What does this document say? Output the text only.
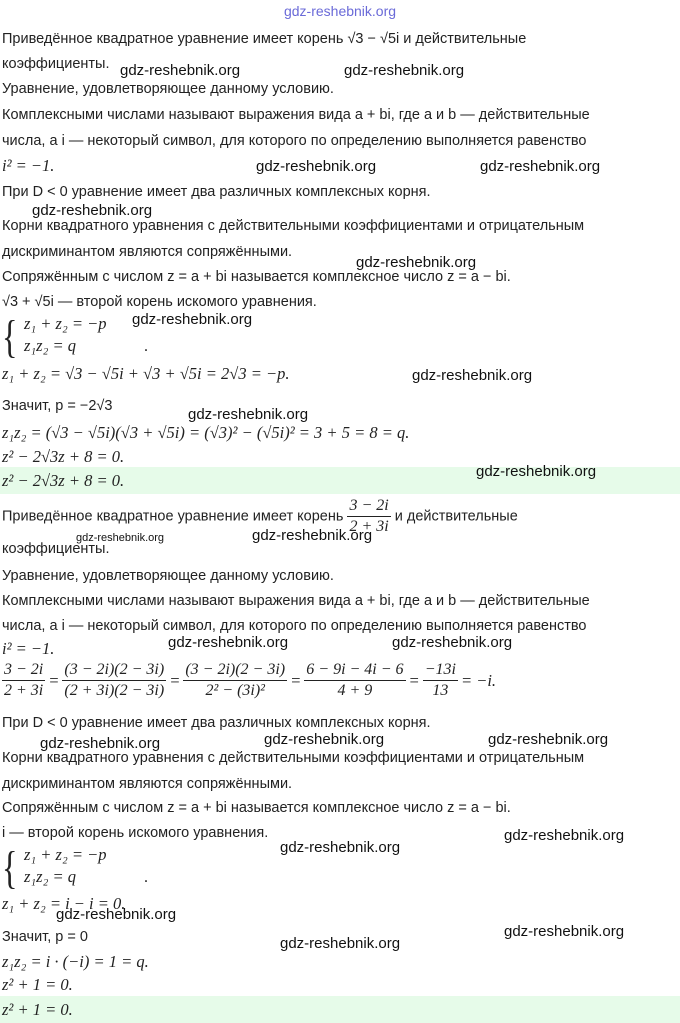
gdz-reshebnik.org
Приведённое квадратное уравнение имеет корень √3 − √5i и действительные
коэффициенты.
Уравнение, удовлетворяющее данному условию.
Комплексными числами называют выражения вида a + bi, где a и b — действительные
числа, а i — некоторый символ, для которого по определению выполняется равенство
i² = −1.
При D < 0 уравнение имеет два различных комплексных корня.
Корни квадратного уравнения с действительными коэффициентами и отрицательным
дискриминантом являются сопряжёнными.
Сопряжённым с числом z = a + bi называется комплексное число z = a − bi.
√3 + √5i — второй корень искомого уравнения.
{ z₁ + z₂ = −p
z₁z₂ = q	.
z₁ + z₂ = √3 − √5i + √3 + √5i = 2√3 = −p.
Значит, p = −2√3
z₁z₂ = (√3 − √5i)(√3 + √5i) = (√3)² − (√5i)² = 3 + 5 = 8 = q.
z² − 2√3z + 8 = 0.
z² − 2√3z + 8 = 0.
Приведённое квадратное уравнение имеет корень $\frac{3 - 2i}{2 + 3i}$ и действительные
коэффициенты.
Уравнение, удовлетворяющее данному условию.
Комплексными числами называют выражения вида a + bi, где a и b — действительные
числа, а i — некоторый символ, для которого по определению выполняется равенство
i² = −1.
$\frac{3 - 2i}{2 + 3i} = \frac{(3 - 2i)(2 - 3i)}{(2 + 3i)(2 - 3i)} = \frac{(3 - 2i)(2 - 3i)}{\text{2² − (3i)²}} = \frac{6 - 9i - 4i - 6}{4 + 9} = \frac{-13i}{13} = -i$.
При D < 0 уравнение имеет два различных комплексных корня.
Корни квадратного уравнения с действительными коэффициентами и отрицательным
дискриминантом являются сопряжёнными.
Сопряжённым с числом z = a + bi называется комплексное число z = a − bi.
i — второй корень искомого уравнения.
{ z₁ + z₂ = −p
z₁z₂ = q	.
z₁ + z₂ = i − i = 0.
Значит, p = 0
z₁z₂ = i · (−i) = 1 = q.
z² + 1 = 0.
z² + 1 = 0.
gdz-reshebnik.org	gdz-reshebnik.org
gdz-reshebnik.org	gdz-reshebnik.org
gdz-reshebnik.org
gdz-reshebnik.org
gdz-reshebnik.org
gdz-reshebnik.org
gdz-reshebnik.org
gdz-reshebnik.org
gdz-reshebnik.org	gdz-reshebnik.org
gdz-reshebnik.org	gdz-reshebnik.org
gdz-reshebnik.org	gdz-reshebnik.org	gdz-reshebnik.org
gdz-reshebnik.org
gdz-reshebnik.org
gdz-reshebnik.org
gdz-reshebnik.org
gdz-reshebnik.org
